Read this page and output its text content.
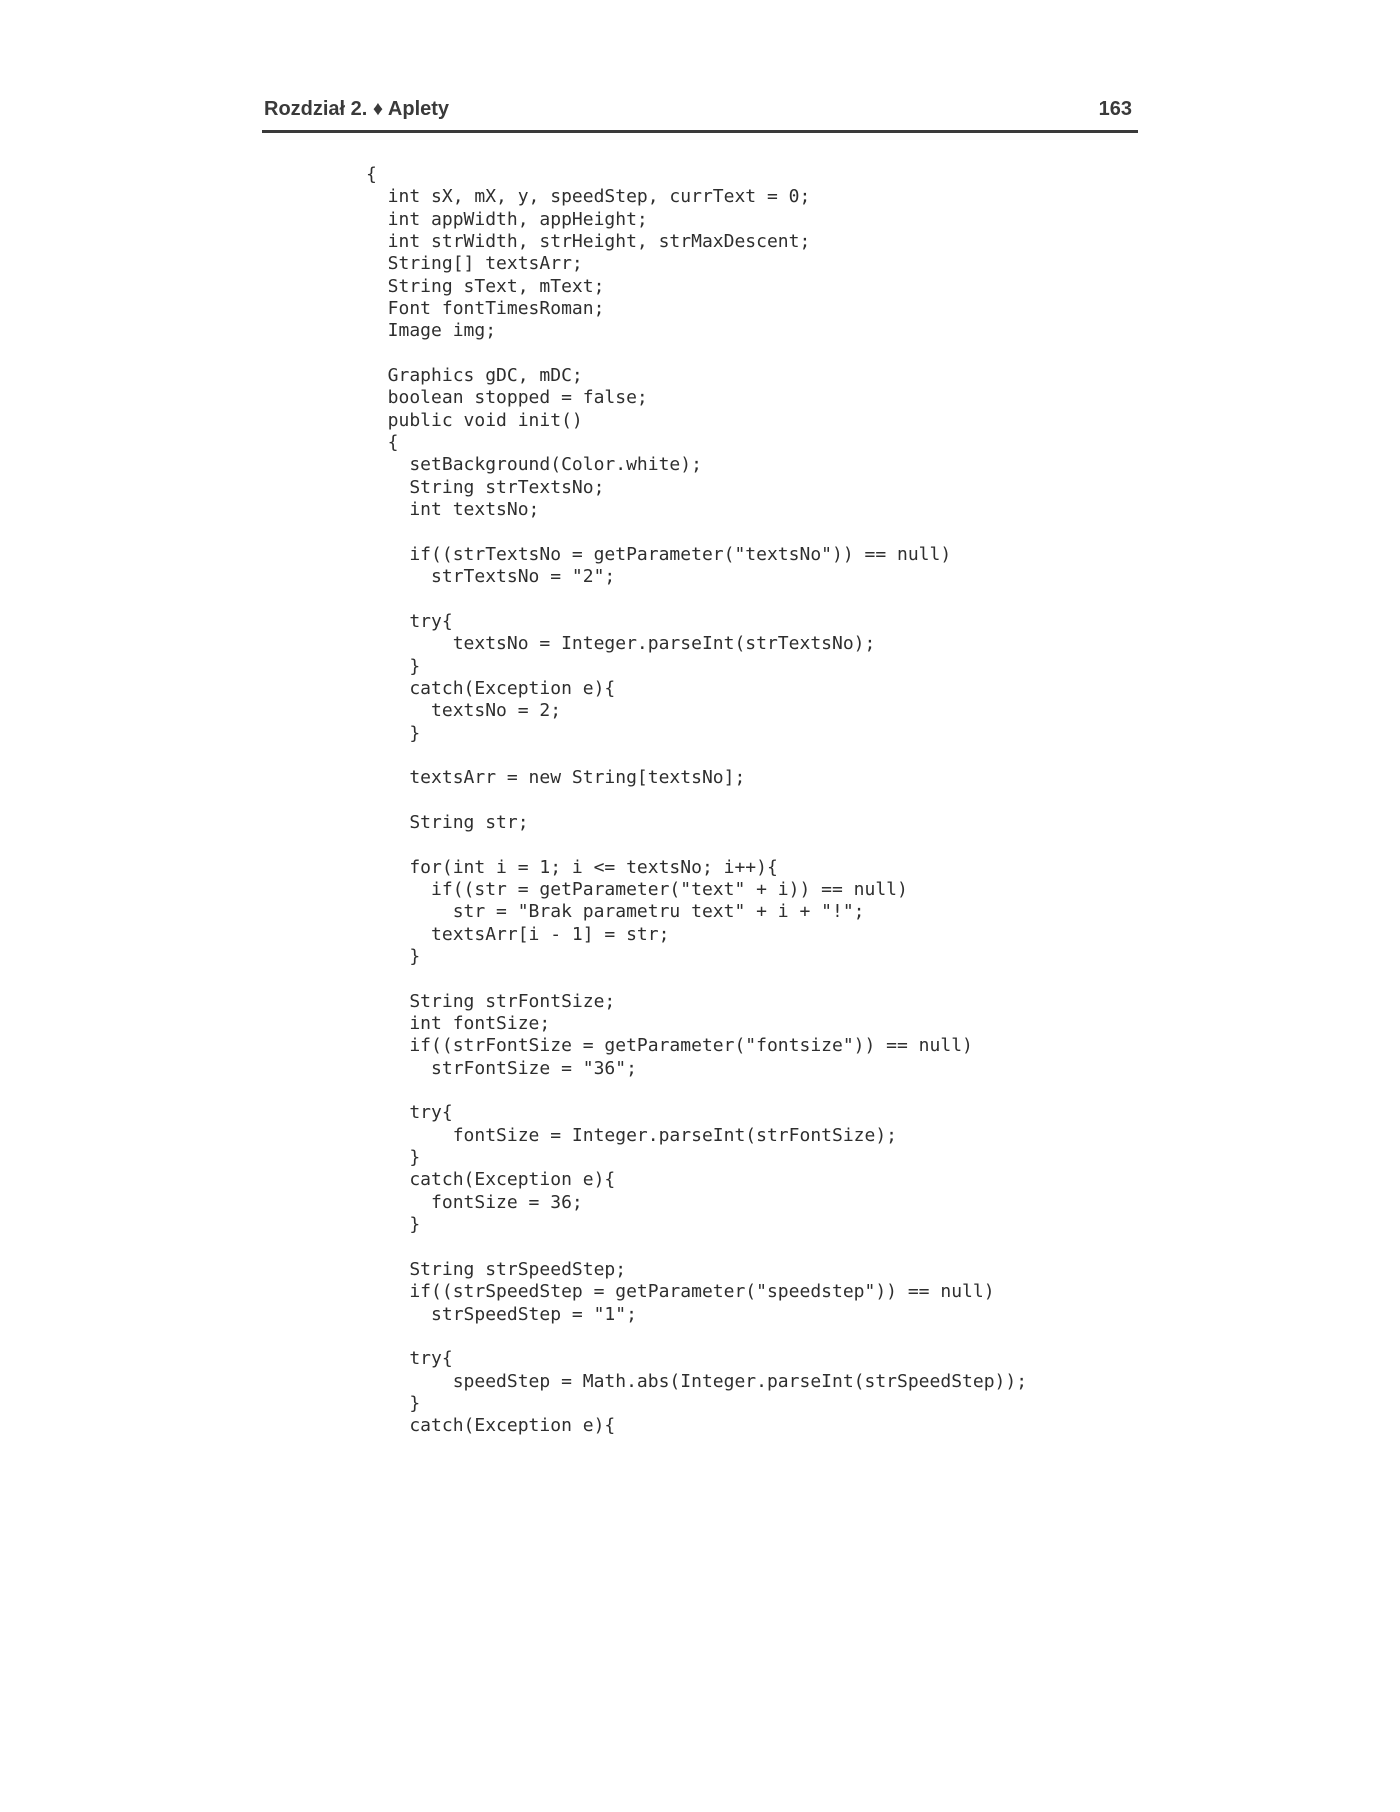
Rozdział 2. ♦ Aplety	163
{
int sX, mX, y, speedStep, currText = 0;
int appWidth, appHeight;
int strWidth, strHeight, strMaxDescent;
String[] textsArr;
String sText, mText;
Font fontTimesRoman;
Image img;
Graphics gDC, mDC;
boolean stopped = false;
public void init()
{
setBackground(Color.white);
String strTextsNo;
int textsNo;
if((strTextsNo = getParameter("textsNo")) == null)
strTextsNo = "2";
try{
textsNo = Integer.parseInt(strTextsNo);
}
catch(Exception e){
textsNo = 2;
}
textsArr = new String[textsNo];
String str;
for(int i = 1; i <= textsNo; i++){
if((str = getParameter("text" + i)) == null)
str = "Brak parametru text" + i + "!";
textsArr[i - 1] = str;
}
String strFontSize;
int fontSize;
if((strFontSize = getParameter("fontsize")) == null)
strFontSize = "36";
try{
fontSize = Integer.parseInt(strFontSize);
}
catch(Exception e){
fontSize = 36;
}
String strSpeedStep;
if((strSpeedStep = getParameter("speedstep")) == null)
strSpeedStep = "1";
try{
speedStep = Math.abs(Integer.parseInt(strSpeedStep));
}
catch(Exception e){
